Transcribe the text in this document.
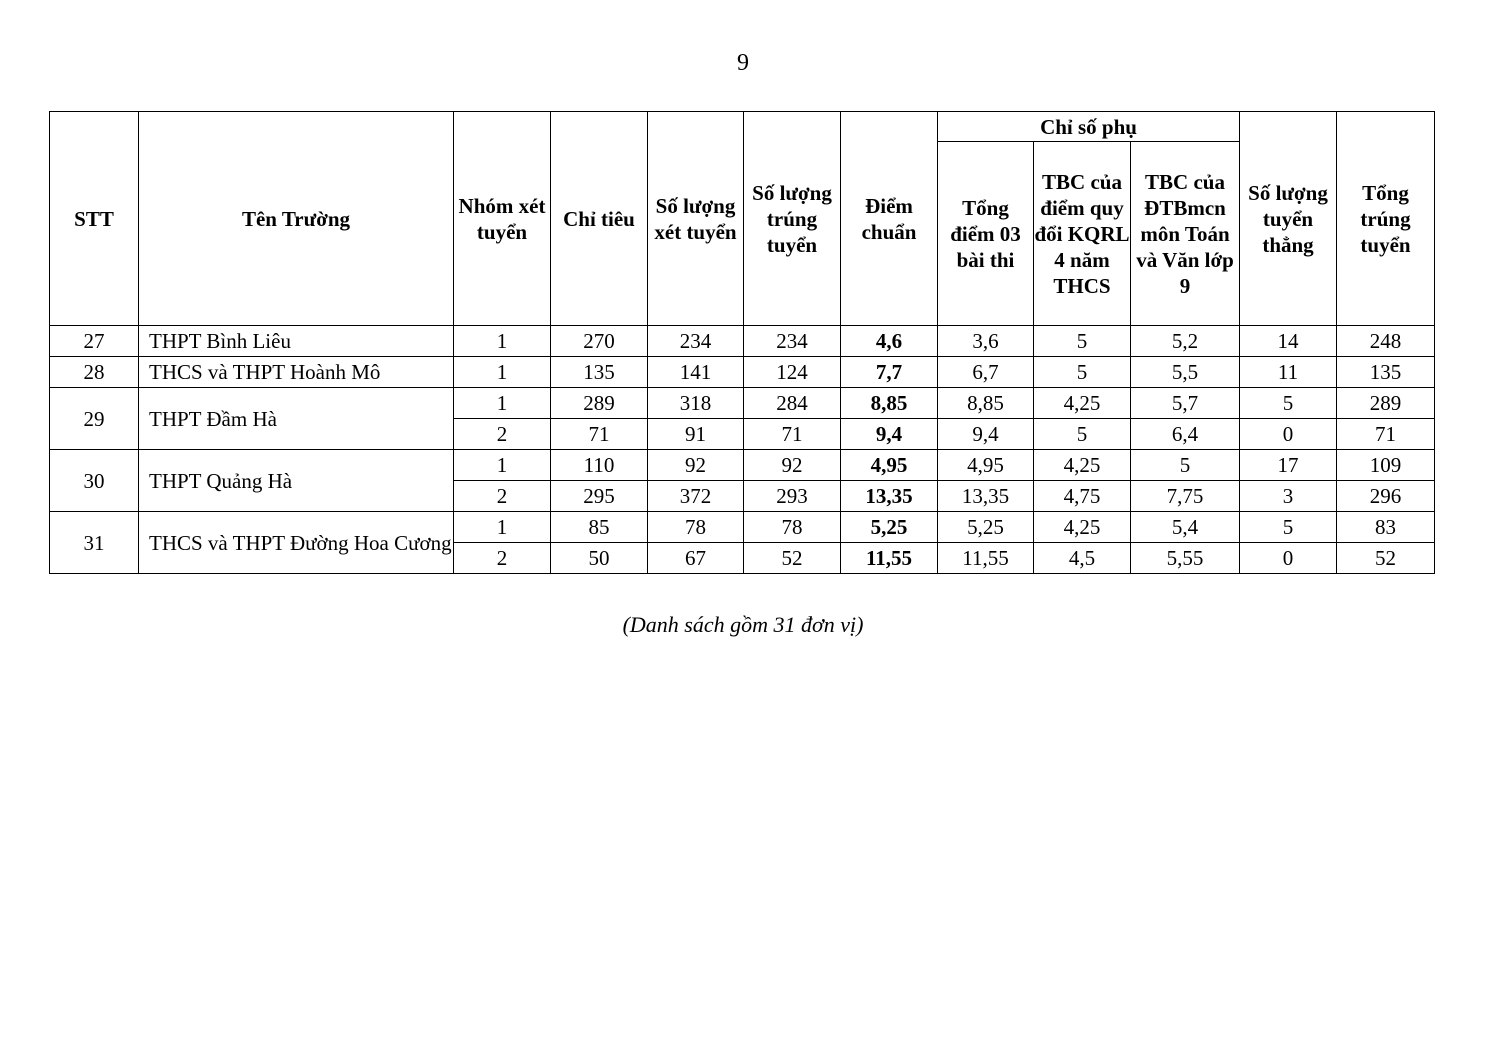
9
STT	Tên Trường	Nhóm xét tuyển	Chỉ tiêu	Số lượng xét tuyển	Số lượng trúng tuyển	Điểm chuẩn	Chỉ số phụ			Số lượng tuyển thẳng	Tổng trúng tuyển
							Tổng điểm 03 bài thi	TBC của điểm quy đổi KQRL 4 năm THCS	TBC của ĐTBmcn môn Toán và Văn lớp 9		
27	THPT Bình Liêu	1	270	234	234	4,6	3,6	5	5,2	14	248
28	THCS và THPT Hoành Mô	1	135	141	124	7,7	6,7	5	5,5	11	135
29	THPT Đầm Hà	1	289	318	284	8,85	8,85	4,25	5,7	5	289
		2	71	91	71	9,4	9,4	5	6,4	0	71
30	THPT Quảng Hà	1	110	92	92	4,95	4,95	4,25	5	17	109
		2	295	372	293	13,35	13,35	4,75	7,75	3	296
31	THCS và THPT Đường Hoa Cương	1	85	78	78	5,25	5,25	4,25	5,4	5	83
		2	50	67	52	11,55	11,55	4,5	5,55	0	52
(Danh sách gồm 31 đơn vị)
